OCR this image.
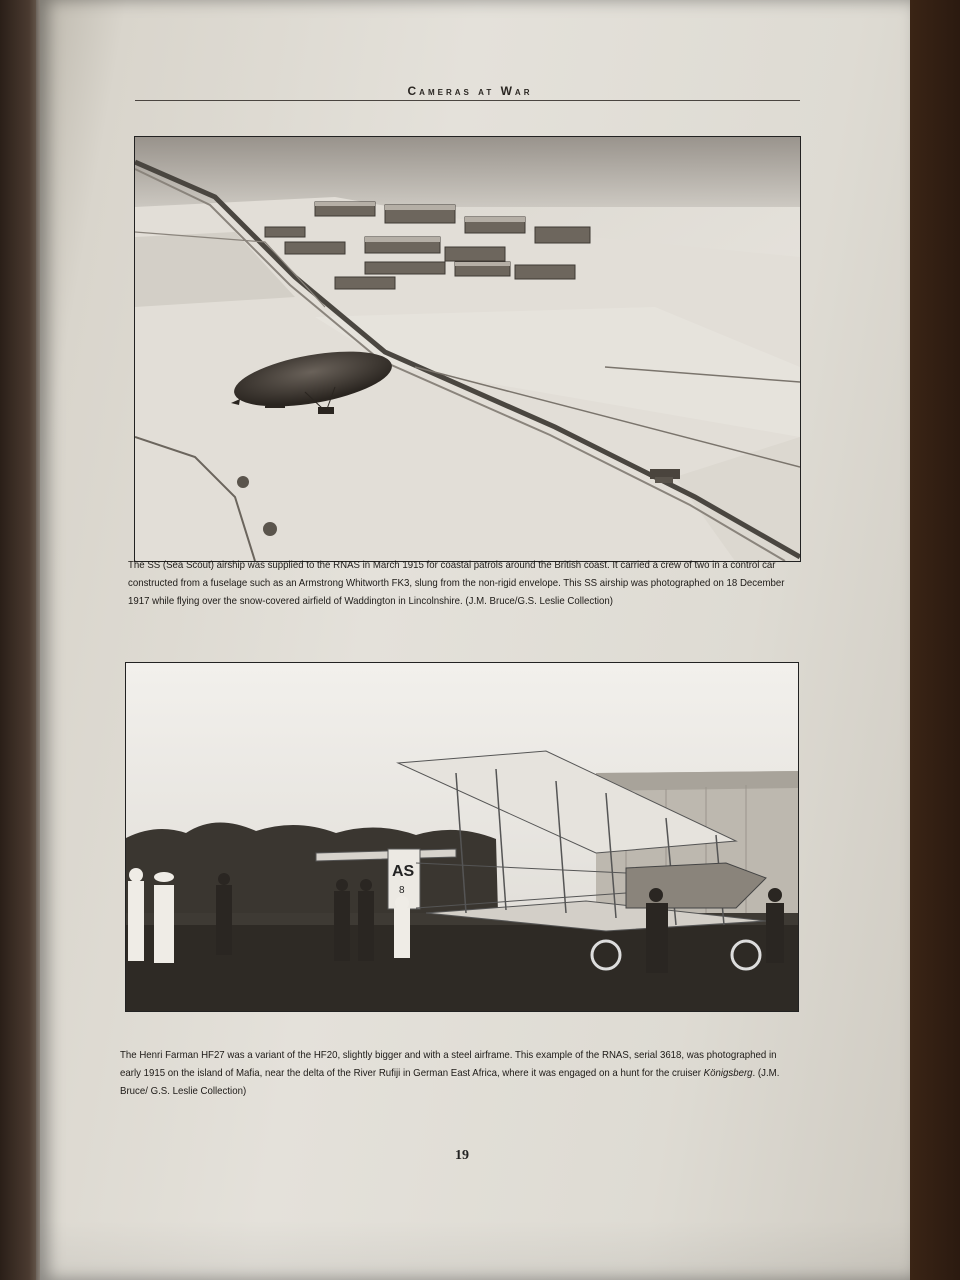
Cameras at War
The SS (Sea Scout) airship was supplied to the RNAS in March 1915 for coastal patrols around the British coast. It carried a crew of two in a control car constructed from a fuselage such as an Armstrong Whitworth FK3, slung from the non-rigid envelope. This SS airship was photographed on 18 December 1917 while flying over the snow-covered airfield of Waddington in Lincolnshire. (J.M. Bruce/G.S. Leslie Collection)
AS
8
The Henri Farman HF27 was a variant of the HF20, slightly bigger and with a steel airframe. This example of the RNAS, serial 3618, was photographed in early 1915 on the island of Mafia, near the delta of the River Rufiji in German East Africa, where it was engaged on a hunt for the cruiser Königsberg. (J.M. Bruce/ G.S. Leslie Collection)
19
